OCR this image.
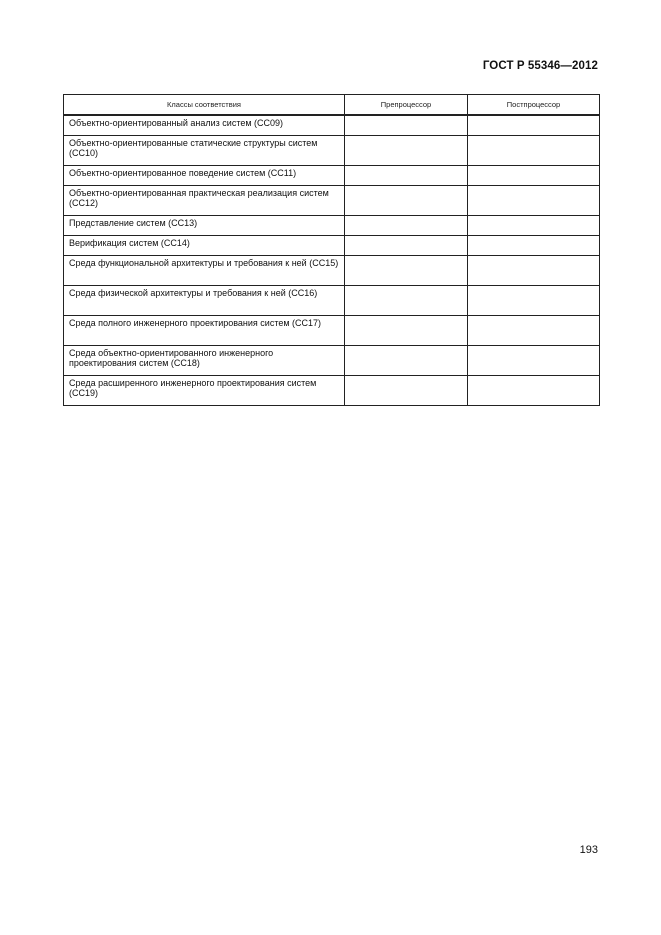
ГОСТ Р 55346—2012
Классы соответствия	Препроцессор	Постпроцессор
Объектно-ориентированный анализ систем (СС09)		
Объектно-ориентированные статические структуры систем (СС10)		
Объектно-ориентированное поведение систем (СС11)		
Объектно-ориентированная практическая реализация систем (СС12)		
Представление систем (СС13)		
Верификация систем (СС14)		
Среда функциональной архитектуры и требования к ней (СС15)		
Среда физической архитектуры и требования к ней (СС16)		
Среда полного инженерного проектирования систем (СС17)		
Среда объектно-ориентированного инженерного проектирования систем (СС18)		
Среда расширенного инженерного проектирования систем (СС19)		
193
